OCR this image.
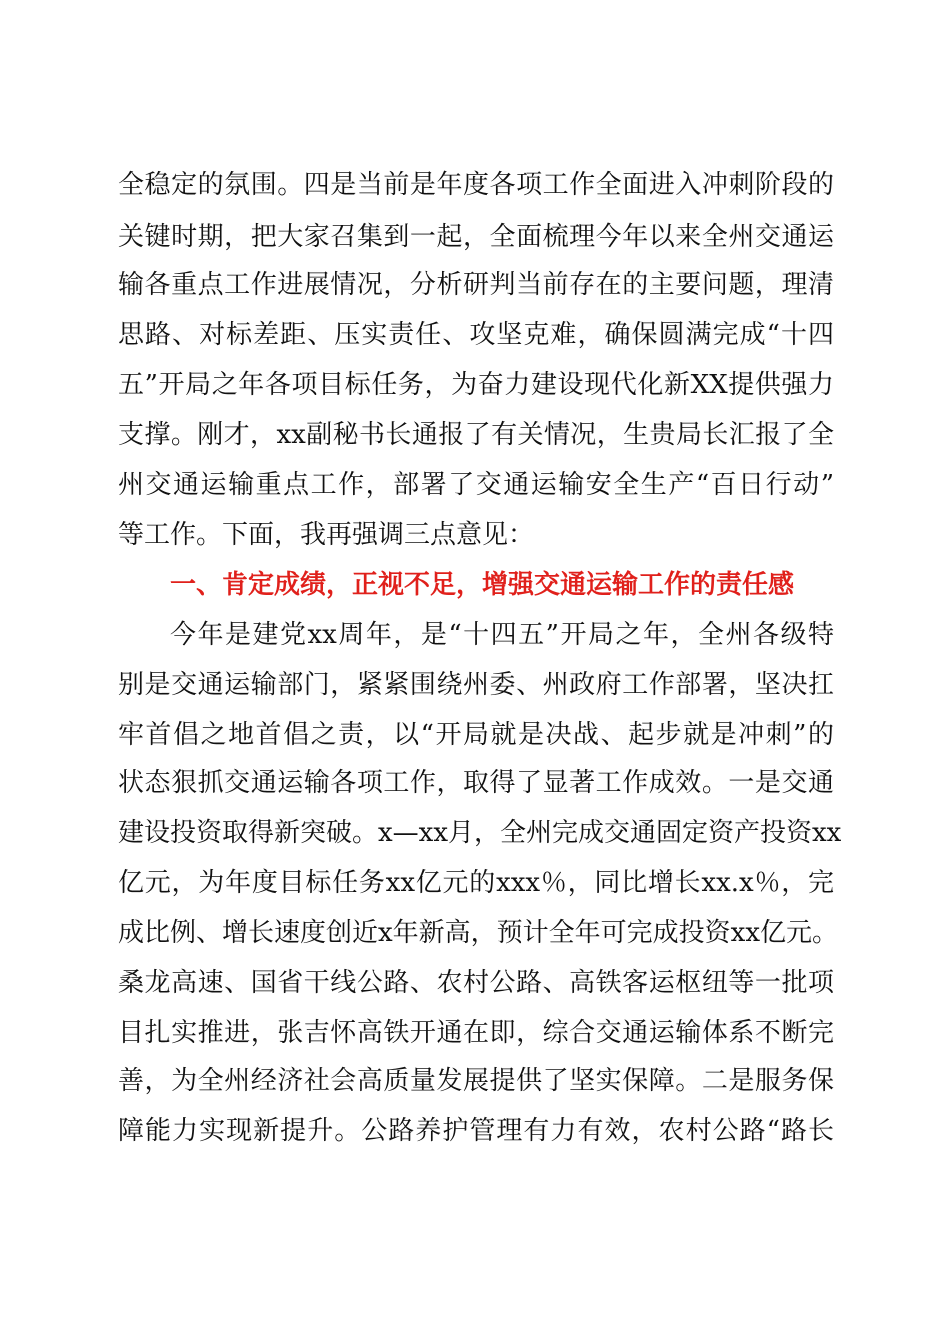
全稳定的氛围。四是当前是年度各项工作全面进入冲刺阶段的
关键时期，把大家召集到一起，全面梳理今年以来全州交通运
输各重点工作进展情况，分析研判当前存在的主要问题，理清
思路、对标差距、压实责任、攻坚克难，确保圆满完成“十四
五”开局之年各项目标任务，为奋力建设现代化新XX提供强力
支撑。刚才，xx副秘书长通报了有关情况，生贵局长汇报了全
州交通运输重点工作，部署了交通运输安全生产“百日行动”
等工作。下面，我再强调三点意见：
一、肯定成绩，正视不足，增强交通运输工作的责任感
今年是建党xx周年，是“十四五”开局之年，全州各级特
别是交通运输部门，紧紧围绕州委、州政府工作部署，坚决扛
牢首倡之地首倡之责，以“开局就是决战、起步就是冲刺”的
状态狠抓交通运输各项工作，取得了显著工作成效。一是交通
建设投资取得新突破。x—xx月，全州完成交通固定资产投资xx
亿元，为年度目标任务xx亿元的xxx％，同比增长xx.x％，完
成比例、增长速度创近x年新高，预计全年可完成投资xx亿元。
桑龙高速、国省干线公路、农村公路、高铁客运枢纽等一批项
目扎实推进，张吉怀高铁开通在即，综合交通运输体系不断完
善，为全州经济社会高质量发展提供了坚实保障。二是服务保
障能力实现新提升。公路养护管理有力有效，农村公路“路长
